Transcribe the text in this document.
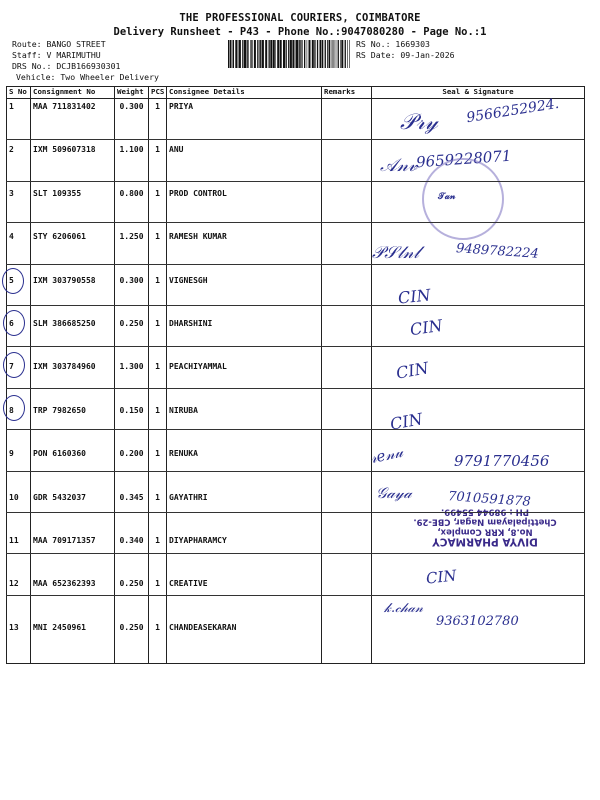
THE PROFESSIONAL COURIERS, COIMBATORE
Delivery Runsheet - P43 - Phone No.:9047080280 - Page No.:1
Route: BANGO STREET
Staff: V MARIMUTHU
DRS No.: DCJB166930301
Vehicle: Two Wheeler Delivery
RS No.: 1669303
RS Date: 09-Jan-2026
S No	Consignment No	Weight	PCS	Consignee Details	Remarks	Seal & Signature
1	MAA 711831402	0.300	1	PRIYA		
2	IXM 509607318	1.100	1	ANU		
3	SLT 109355	0.800	1	PROD CONTROL		
4	STY 6206061	1.250	1	RAMESH KUMAR		
5	IXM 303790558	0.300	1	VIGNESGH		
6	SLM 386685250	0.250	1	DHARSHINI		
7	IXM 303784960	1.300	1	PEACHIYAMMAL		
8	TRP 7982650	0.150	1	NIRUBA		
9	PON 6160360	0.200	1	RENUKA		
10	GDR 5432037	0.345	1	GAYATHRI		
11	MAA 709171357	0.340	1	DIYAPHARAMCY		
12	MAA 652362393	0.250	1	CREATIVE		
13	MNI 2450961	0.250	1	CHANDEASEKARAN		
𝒫𝓇𝓎 9566252924.
𝒜𝓃𝓋
9659228071
𝒯𝒶𝓃
𝒫𝒮𝓁𝓃𝓁	9489782224
CIN
CIN
CIN
CIN
𝓇𝑒𝓃𝓊	9791770456
𝒢𝒶𝓎𝒶	7010591878
DIVYA PHARMACY
No.8, KRR Complex,
Chettipalayam Nagar, CBE-29.
PH : 98944 55499.
CIN
𝓀.𝒸𝒽𝒶𝓃
9363102780
